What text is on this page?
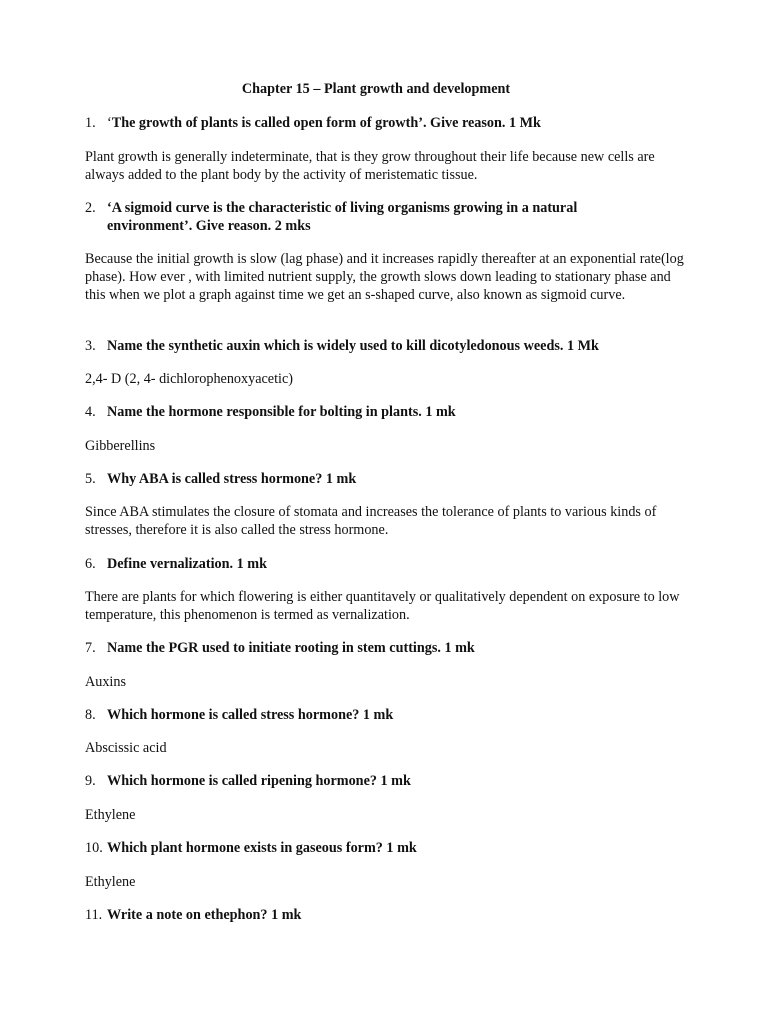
Chapter 15 – Plant growth and development
1. ‘The growth of plants is called open form of growth’. Give reason. 1 Mk
Plant growth is generally indeterminate, that is they grow throughout their life because new cells are always added to the plant body by the activity of meristematic tissue.
2. ‘A sigmoid curve is the characteristic of living organisms growing in a natural environment’. Give reason. 2 mks
Because the initial growth is slow (lag phase) and it increases rapidly thereafter at an exponential rate(log phase). How ever , with limited nutrient supply, the growth slows down leading to stationary phase and this when we plot a graph against time we get an s-shaped curve, also known as sigmoid curve.
3. Name the synthetic auxin which is widely used to kill dicotyledonous weeds. 1 Mk
2,4- D (2, 4- dichlorophenoxyacetic)
4. Name the hormone responsible for bolting in plants. 1 mk
Gibberellins
5. Why ABA is called stress hormone? 1 mk
Since ABA stimulates the closure of stomata and increases the tolerance of plants to various kinds of stresses, therefore it is also called the stress hormone.
6. Define vernalization. 1 mk
There are plants for which flowering is either quantitavely or qualitatively dependent on exposure to low temperature, this phenomenon is termed as vernalization.
7. Name the PGR used to initiate rooting in stem cuttings. 1 mk
Auxins
8. Which hormone is called stress hormone? 1 mk
Abscissic acid
9. Which hormone is called ripening hormone? 1 mk
Ethylene
10. Which plant hormone exists in gaseous form? 1 mk
Ethylene
11. Write a note on ethephon? 1 mk
